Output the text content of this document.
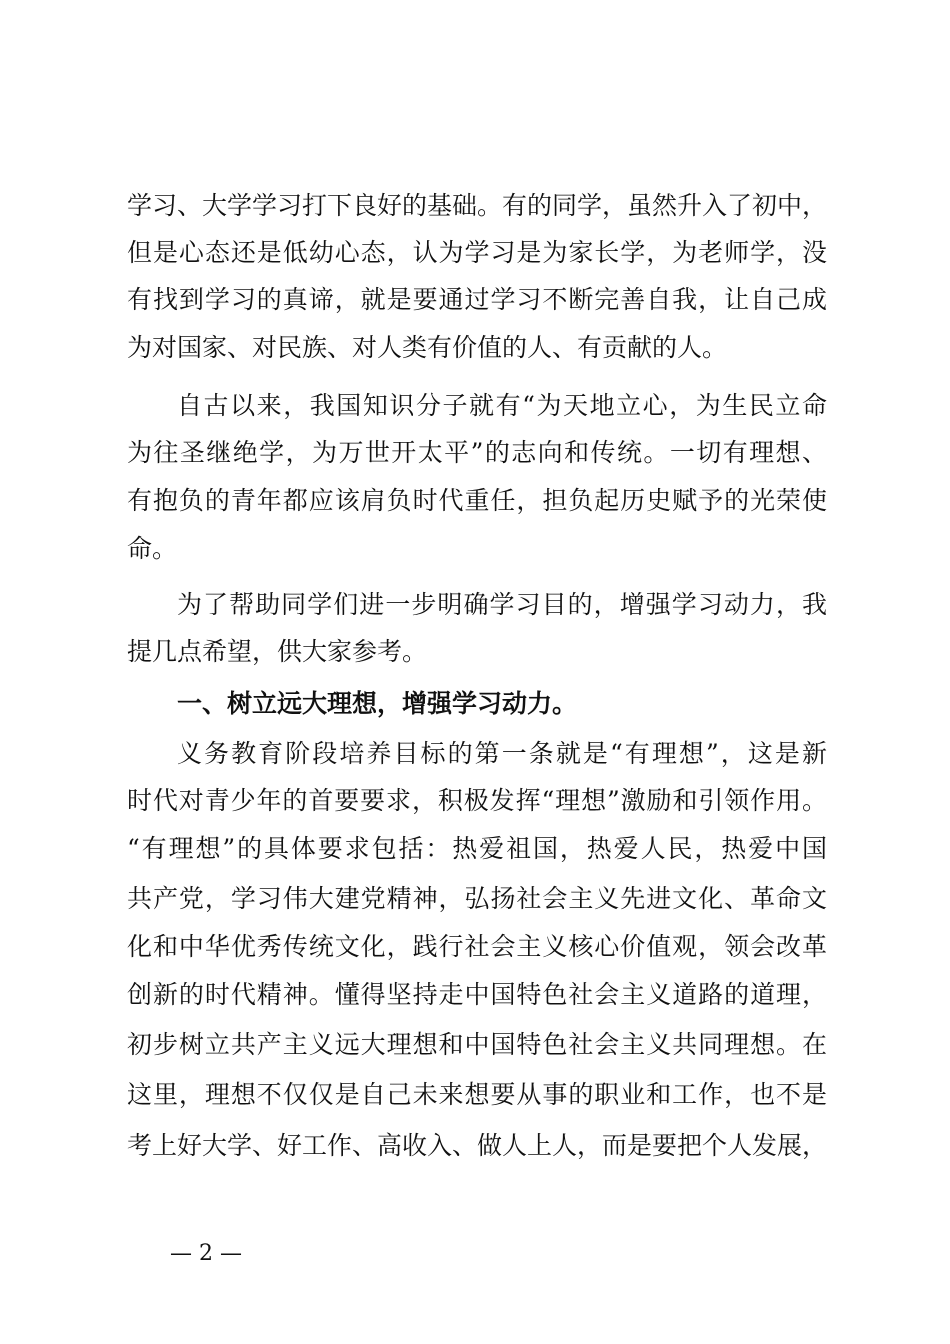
学习、大学学习打下良好的基础。有的同学，虽然升入了初中，
但是心态还是低幼心态，认为学习是为家长学，为老师学，没
有找到学习的真谛，就是要通过学习不断完善自我，让自己成
为对国家、对民族、对人类有价值的人、有贡献的人。
自古以来，我国知识分子就有“为天地立心，为生民立命
为往圣继绝学，为万世开太平”的志向和传统。一切有理想、
有抱负的青年都应该肩负时代重任，担负起历史赋予的光荣使
命。
为了帮助同学们进一步明确学习目的，增强学习动力，我
提几点希望，供大家参考。
一、树立远大理想，增强学习动力。
义务教育阶段培养目标的第一条就是“有理想”，这是新
时代对青少年的首要要求，积极发挥“理想”激励和引领作用。
“有理想”的具体要求包括：热爱祖国，热爱人民，热爱中国
共产党，学习伟大建党精神，弘扬社会主义先进文化、革命文
化和中华优秀传统文化，践行社会主义核心价值观，领会改革
创新的时代精神。懂得坚持走中国特色社会主义道路的道理，
初步树立共产主义远大理想和中国特色社会主义共同理想。在
这里，理想不仅仅是自己未来想要从事的职业和工作，也不是
考上好大学、好工作、高收入、做人上人，而是要把个人发展，
— 2 —
